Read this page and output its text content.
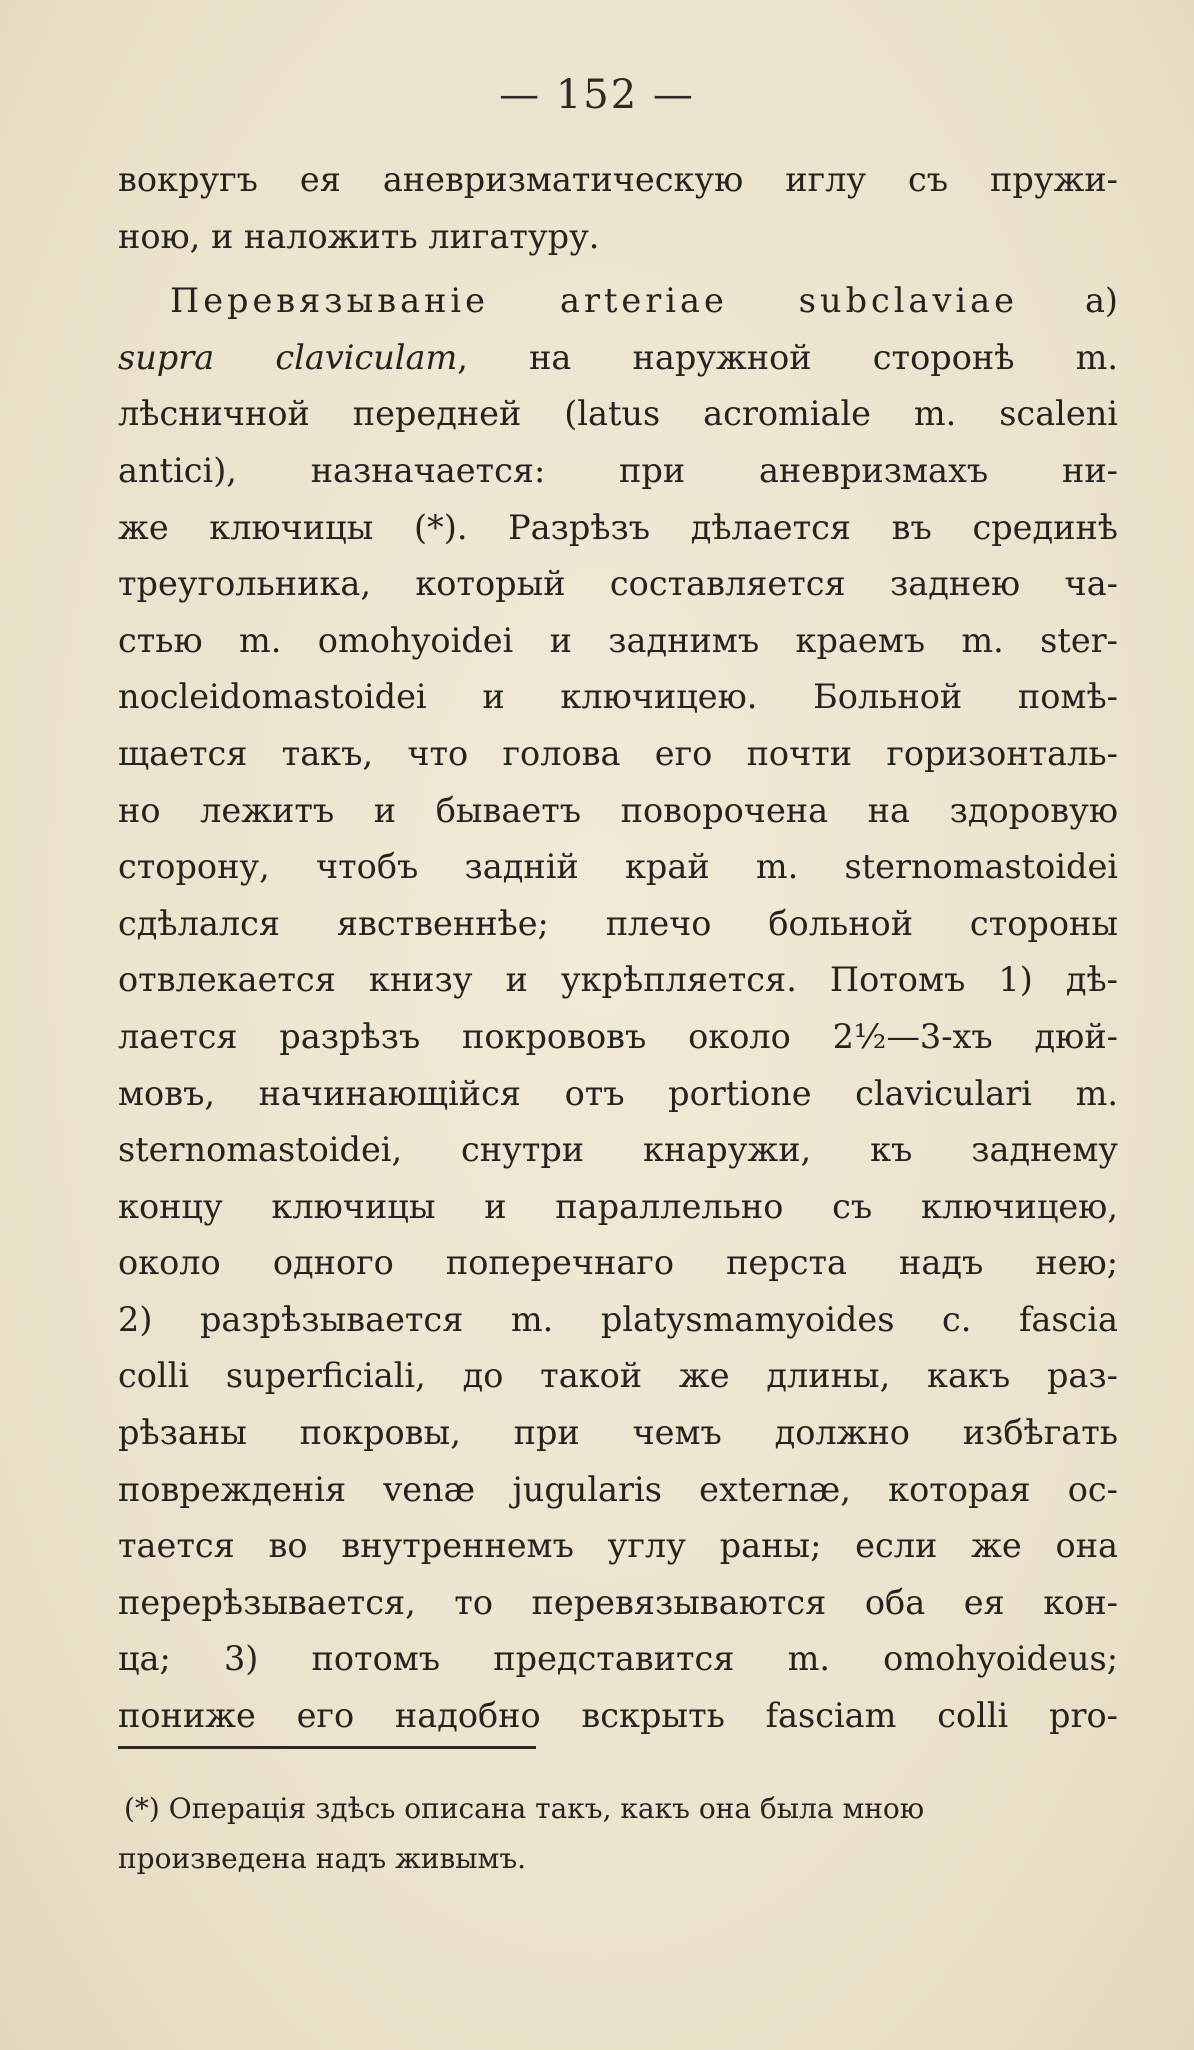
— 152 —
вокругъ ея аневризматическую иглу съ пружи-
ною, и наложить лигатуру.
Перевязыванiе arteriae subclaviae a)
supra claviculam, на наружной сторонѣ m.
лѣсничной передней (latus acromiale m. scaleni
antici), назначается: при аневризмахъ ни-
же ключицы (*). Разрѣзъ дѣлается въ срединѣ
треугольника, который составляется заднею ча-
стью m. omohyoidei и заднимъ краемъ m. ster-
nocleidomastoidei и ключицею. Больной помѣ-
щается такъ, что голова его почти горизонталь-
но лежитъ и бываетъ поворочена на здоровую
сторону, чтобъ заднiй край m. sternomastoidei
сдѣлался явственнѣе; плечо больной стороны
отвлекается книзу и укрѣпляется. Потомъ 1) дѣ-
лается разрѣзъ покрововъ около 2½—3-хъ дюй-
мовъ, начинающiйся отъ portione claviculari m.
sternomastoidei, снутри кнаружи, къ заднему
концу ключицы и параллельно съ ключицею,
около одного поперечнаго перста надъ нею;
2) разрѣзывается m. platysmamyoides c. fascia
colli superficiali, до такой же длины, какъ раз-
рѣзаны покровы, при чемъ должно избѣгать
поврежденiя venæ jugularis externæ, которая ос-
тается во внутреннемъ углу раны; если же она
перерѣзывается, то перевязываются оба ея кон-
ца; 3) потомъ представится m. omohyoideus;
пониже его надобно вскрыть fasciam colli pro-
(*) Операцiя здѣсь описана такъ, какъ она была мною
произведена надъ живымъ.
